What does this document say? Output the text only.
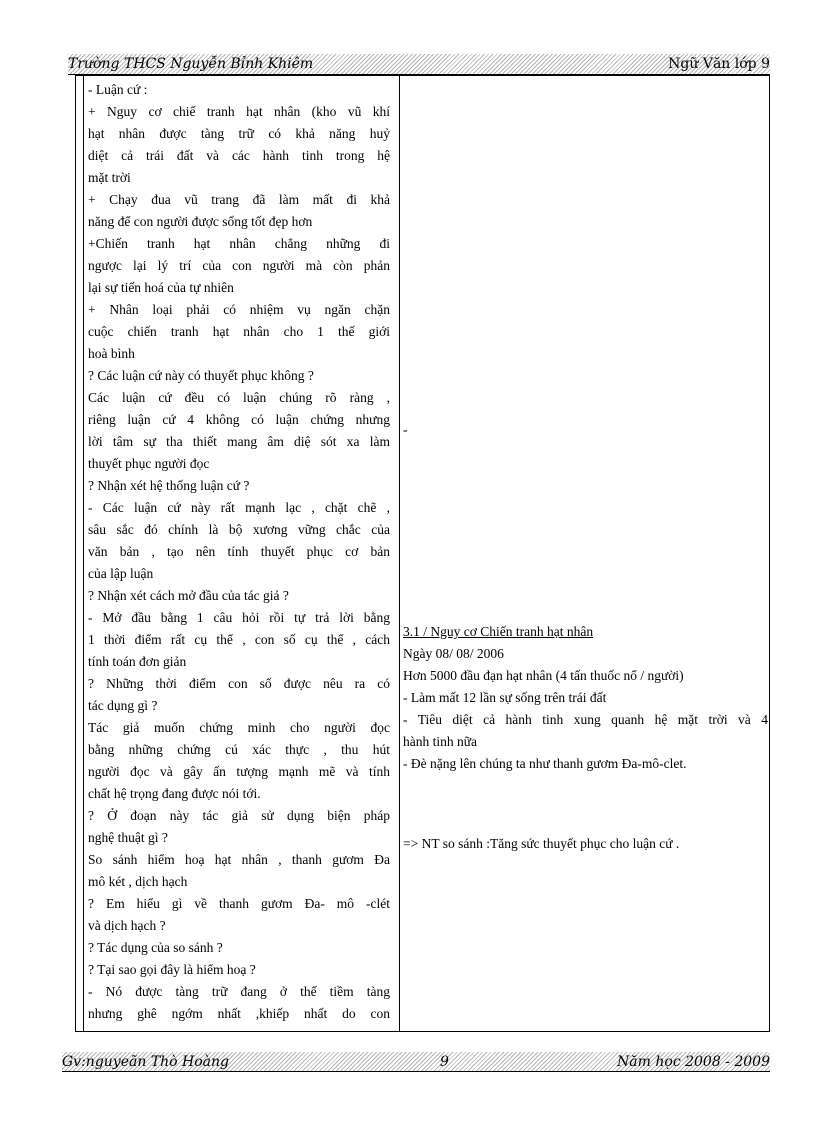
Trường THCS Nguyễn Bỉnh Khiêm	Ngữ Văn lớp 9

- Luận cứ :
+ Nguy cơ chiế tranh hạt nhân (kho vũ khí
hạt nhân được tàng trữ có khả năng huỷ
diệt cả trái đất và các hành tinh trong hệ
mặt trời
+ Chạy đua vũ trang đã làm mất đi khả
năng để con người được sống tốt đẹp hơn
+Chiến tranh hạt nhân chẳng những đi
ngược lại lý trí của con người mà còn phản
lại sự tiến hoá của tự nhiên
+ Nhân loại phải có nhiệm vụ ngăn chặn
cuộc chiến tranh hạt nhân cho 1 thế giới
hoà bình
? Các luận cứ này có thuyết phục không ?
Các luận cứ đều có luận chúng rõ ràng ,
riêng luận cứ 4 không có luận chứng nhưng
lời tâm sự tha thiết mang âm diệ sót xa làm
thuyết phục người đọc
? Nhận xét hệ thống luận cứ ?
- Các luận cứ này rất mạnh lạc , chặt chẽ ,
sâu sắc đó chính là bộ xương vững chắc của
văn bản , tạo nên tính thuyết phục cơ bản
của lập luận
? Nhận xét cách mở đầu của tác giả ?
- Mở đầu bằng 1 câu hỏi rồi tự trả lời bằng
1 thời điểm rất cụ thể , con số cụ thể , cách
tính toán đơn giản
? Những thời điểm con số được nêu ra có
tác dụng gì ?
Tác giả muốn chứng minh cho người đọc
bằng những chứng cú xác thực , thu hút
người đọc và gây ấn tượng mạnh mẽ và tính
chất hệ trọng đang được nói tới.
? Ở đoạn này tác giả sử dụng biện pháp
nghệ thuật gì ?
So sánh hiểm hoạ hạt nhân , thanh gươm Đa
mô két , dịch hạch
? Em hiểu gì về thanh gươm Đa- mô -clét
và dịch hạch ?
? Tác dụng của so sánh ?
? Tại sao gọi đây là hiểm hoạ ?
- Nó được tàng trữ đang ở thế tiềm tàng
nhưng ghê ngớm nhất ,khiếp nhất do con

-
3.1 / Nguy cơ Chiến tranh hạt nhân
Ngày 08/ 08/ 2006
Hơn 5000 đầu đạn hạt nhân (4 tấn thuốc nổ / người)
- Làm mất 12 lần sự sống trên trái đất
- Tiêu diệt cả hành tinh xung quanh hệ mặt trời và 4
hành tinh nữa
- Đè nặng lên chúng ta như thanh gươm Đa-mô-clet.
=> NT so sánh :Tăng sức thuyết phục cho luận cứ .
Gv:nguyeãn Thò Hoàng	9	Năm học 2008 - 2009
